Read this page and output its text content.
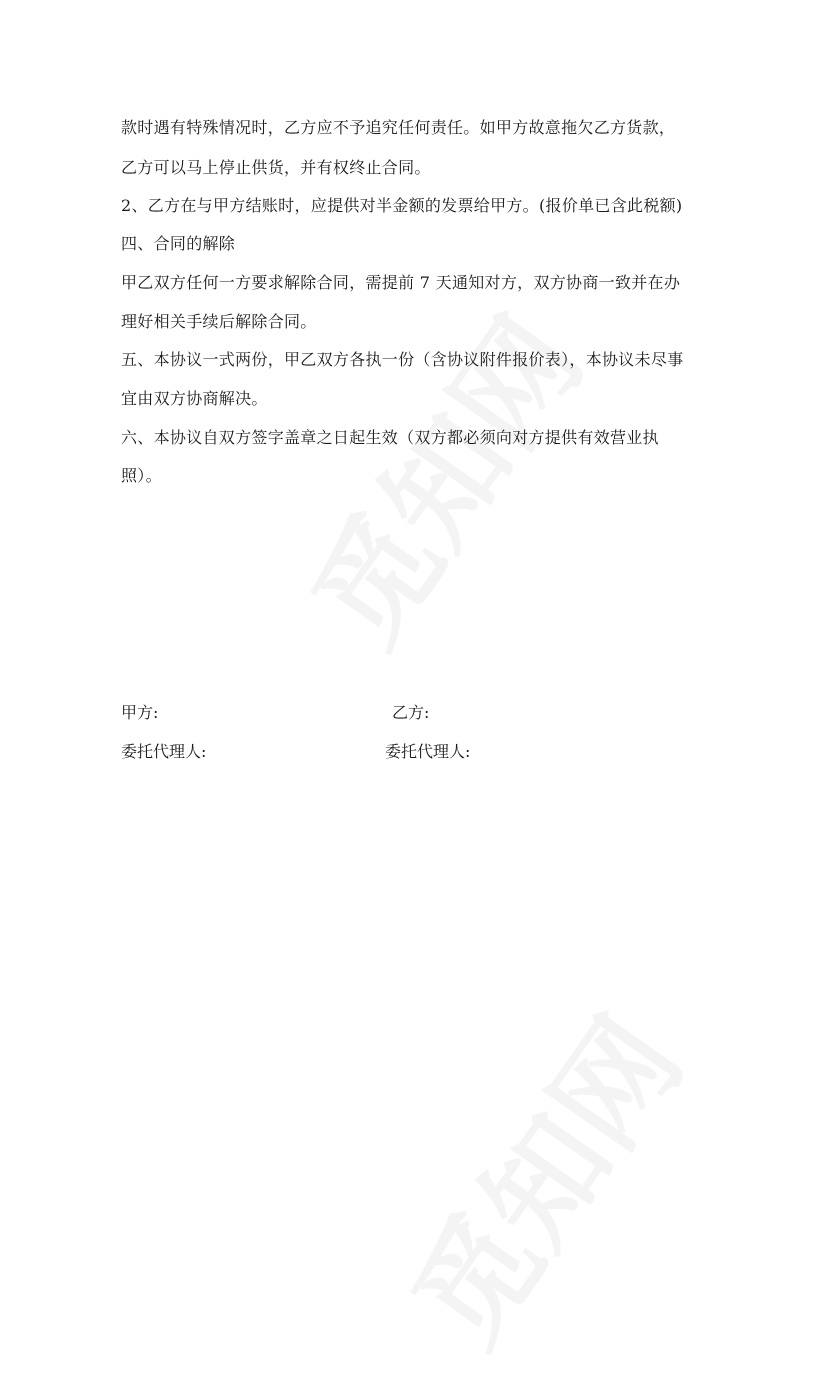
款时遇有特殊情况时，乙方应不予追究任何责任。如甲方故意拖欠乙方货款，
乙方可以马上停止供货，并有权终止合同。
2、乙方在与甲方结账时，应提供对半金额的发票给甲方。(报价单已含此税额)
四、合同的解除
甲乙双方任何一方要求解除合同，需提前 7 天通知对方，双方协商一致并在办
理好相关手续后解除合同。
五、本协议一式两份，甲乙双方各执一份（含协议附件报价表），本协议未尽事
宜由双方协商解决。
六、本协议自双方签字盖章之日起生效（双方都必须向对方提供有效营业执
照）。
甲方:	乙方:
委托代理人:	委托代理人:
